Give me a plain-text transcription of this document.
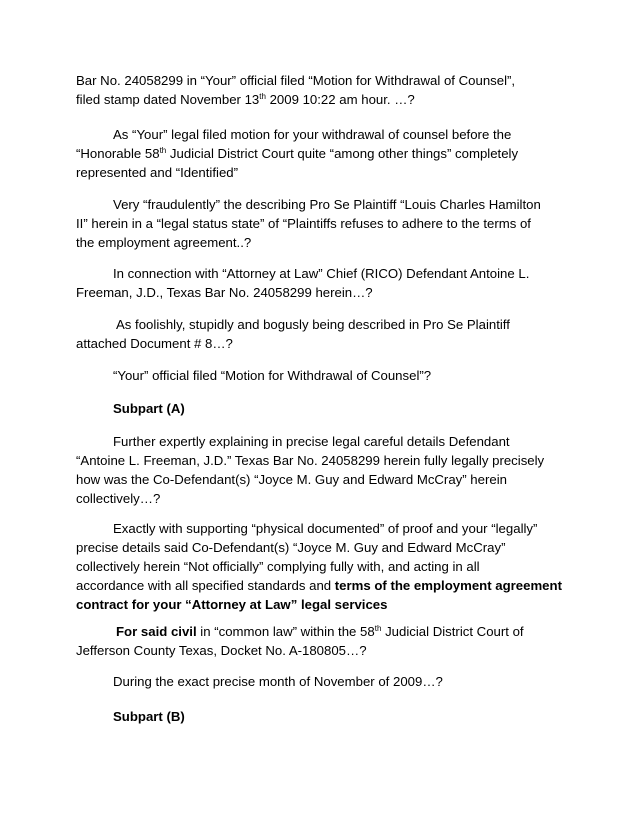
Bar No. 24058299 in “Your” official filed “Motion for Withdrawal of Counsel”,
filed stamp dated November 13th 2009 10:22 am hour. …?

As “Your” legal filed motion for your withdrawal of counsel before the
“Honorable 58th Judicial District Court quite “among other things” completely
represented and “Identified”

Very “fraudulently” the describing Pro Se Plaintiff “Louis Charles Hamilton
II” herein in a “legal status state” of “Plaintiffs refuses to adhere to the terms of
the employment agreement..?

In connection with “Attorney at Law” Chief (RICO) Defendant Antoine L.
Freeman, J.D., Texas Bar No. 24058299 herein…?

As foolishly, stupidly and bogusly being described in Pro Se Plaintiff
attached Document # 8…?

“Your” official filed “Motion for Withdrawal of Counsel”?

Subpart (A)

Further expertly explaining in precise legal careful details Defendant
“Antoine L. Freeman, J.D.” Texas Bar No. 24058299 herein fully legally precisely
how was the Co-Defendant(s) “Joyce M. Guy and Edward McCray” herein
collectively…?

Exactly with supporting “physical documented” of proof and your “legally”
precise details said Co-Defendant(s) “Joyce M. Guy and Edward McCray”
collectively herein “Not officially” complying fully with, and acting in all
accordance with all specified standards and terms of the employment agreement
contract for your “Attorney at Law” legal services

For said civil in “common law” within the 58th Judicial District Court of
Jefferson County Texas, Docket No. A-180805…?

During the exact precise month of November of 2009…?

Subpart (B)
